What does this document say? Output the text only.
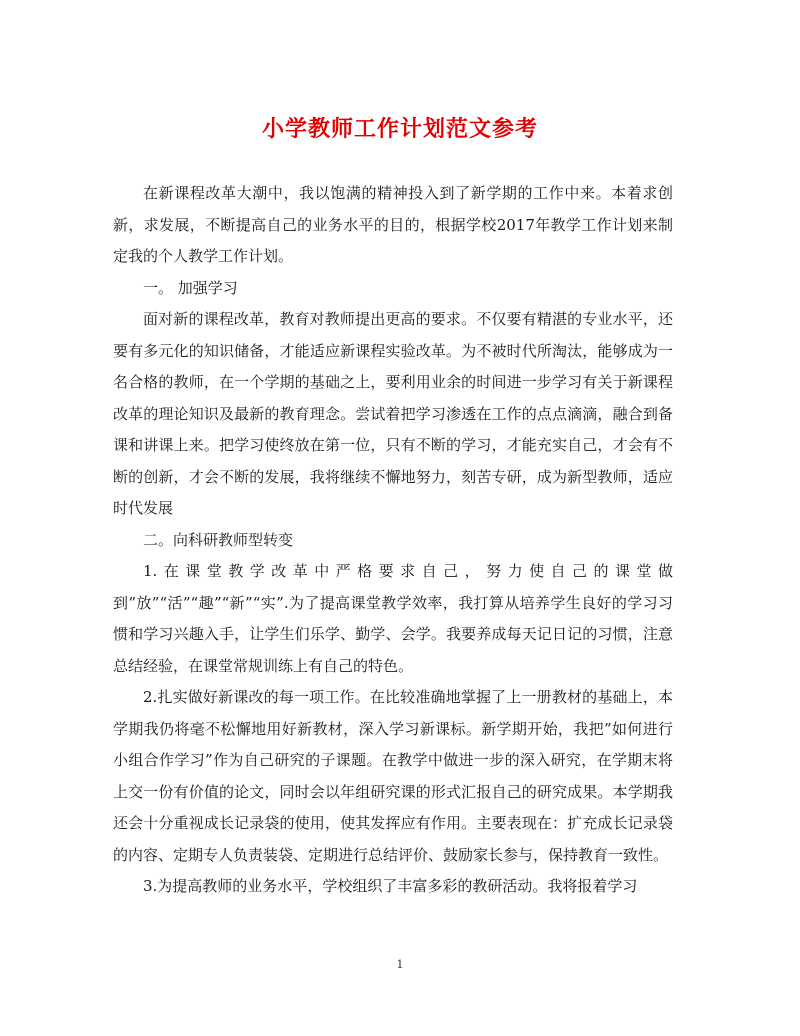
小学教师工作计划范文参考

在新课程改革大潮中，我以饱满的精神投入到了新学期的工作中来。本着求创新，求发展，不断提高自己的业务水平的目的，根据学校2017年教学工作计划来制定我的个人教学工作计划。

一。 加强学习

面对新的课程改革，教育对教师提出更高的要求。不仅要有精湛的专业水平，还要有多元化的知识储备，才能适应新课程实验改革。为不被时代所淘汰，能够成为一名合格的教师，在一个学期的基础之上，要利用业余的时间进一步学习有关于新课程改革的理论知识及最新的教育理念。尝试着把学习渗透在工作的点点滴滴，融合到备课和讲课上来。把学习使终放在第一位，只有不断的学习，才能充实自己，才会有不断的创新，才会不断的发展，我将继续不懈地努力，刻苦专研，成为新型教师，适应时代发展

二。向科研教师型转变

1.在课堂教学改革中严格要求自己，努力使自己的课堂做到”放”“活”“趣”“新”“实”.为了提高课堂教学效率，我打算从培养学生良好的学习习惯和学习兴趣入手，让学生们乐学、勤学、会学。我要养成每天记日记的习惯，注意总结经验，在课堂常规训练上有自己的特色。

2.扎实做好新课改的每一项工作。在比较准确地掌握了上一册教材的基础上，本学期我仍将毫不松懈地用好新教材，深入学习新课标。新学期开始，我把”如何进行小组合作学习”作为自己研究的子课题。在教学中做进一步的深入研究，在学期末将上交一份有价值的论文，同时会以年组研究课的形式汇报自己的研究成果。本学期我还会十分重视成长记录袋的使用，使其发挥应有作用。主要表现在：扩充成长记录袋的内容、定期专人负责装袋、定期进行总结评价、鼓励家长参与，保持教育一致性。

3.为提高教师的业务水平，学校组织了丰富多彩的教研活动。我将报着学习

1
